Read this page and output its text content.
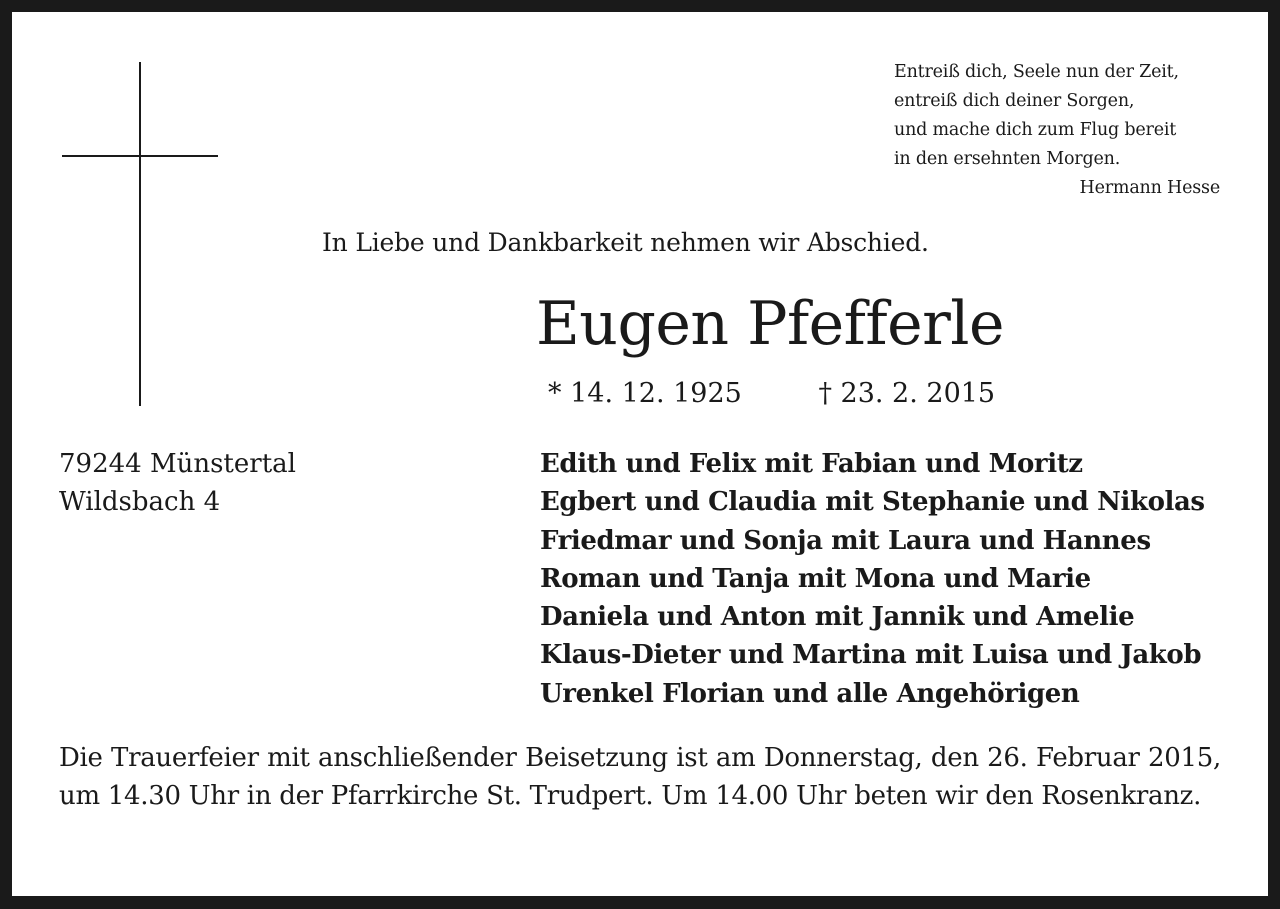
Entreiß dich, Seele nun der Zeit,
entreiß dich deiner Sorgen,
und mache dich zum Flug bereit
in den ersehnten Morgen.
Hermann Hesse
In Liebe und Dankbarkeit nehmen wir Abschied.
Eugen Pfefferle
* 14. 12. 1925	† 23. 2. 2015
79244 Münstertal
Wildsbach 4
Edith und Felix mit Fabian und Moritz
Egbert und Claudia mit Stephanie und Nikolas
Friedmar und Sonja mit Laura und Hannes
Roman und Tanja mit Mona und Marie
Daniela und Anton mit Jannik und Amelie
Klaus-Dieter und Martina mit Luisa und Jakob
Urenkel Florian und alle Angehörigen
Die Trauerfeier mit anschließender Beisetzung ist am Donnerstag, den 26. Februar 2015, um 14.30 Uhr in der Pfarrkirche St. Trudpert. Um 14.00 Uhr beten wir den Rosenkranz.
